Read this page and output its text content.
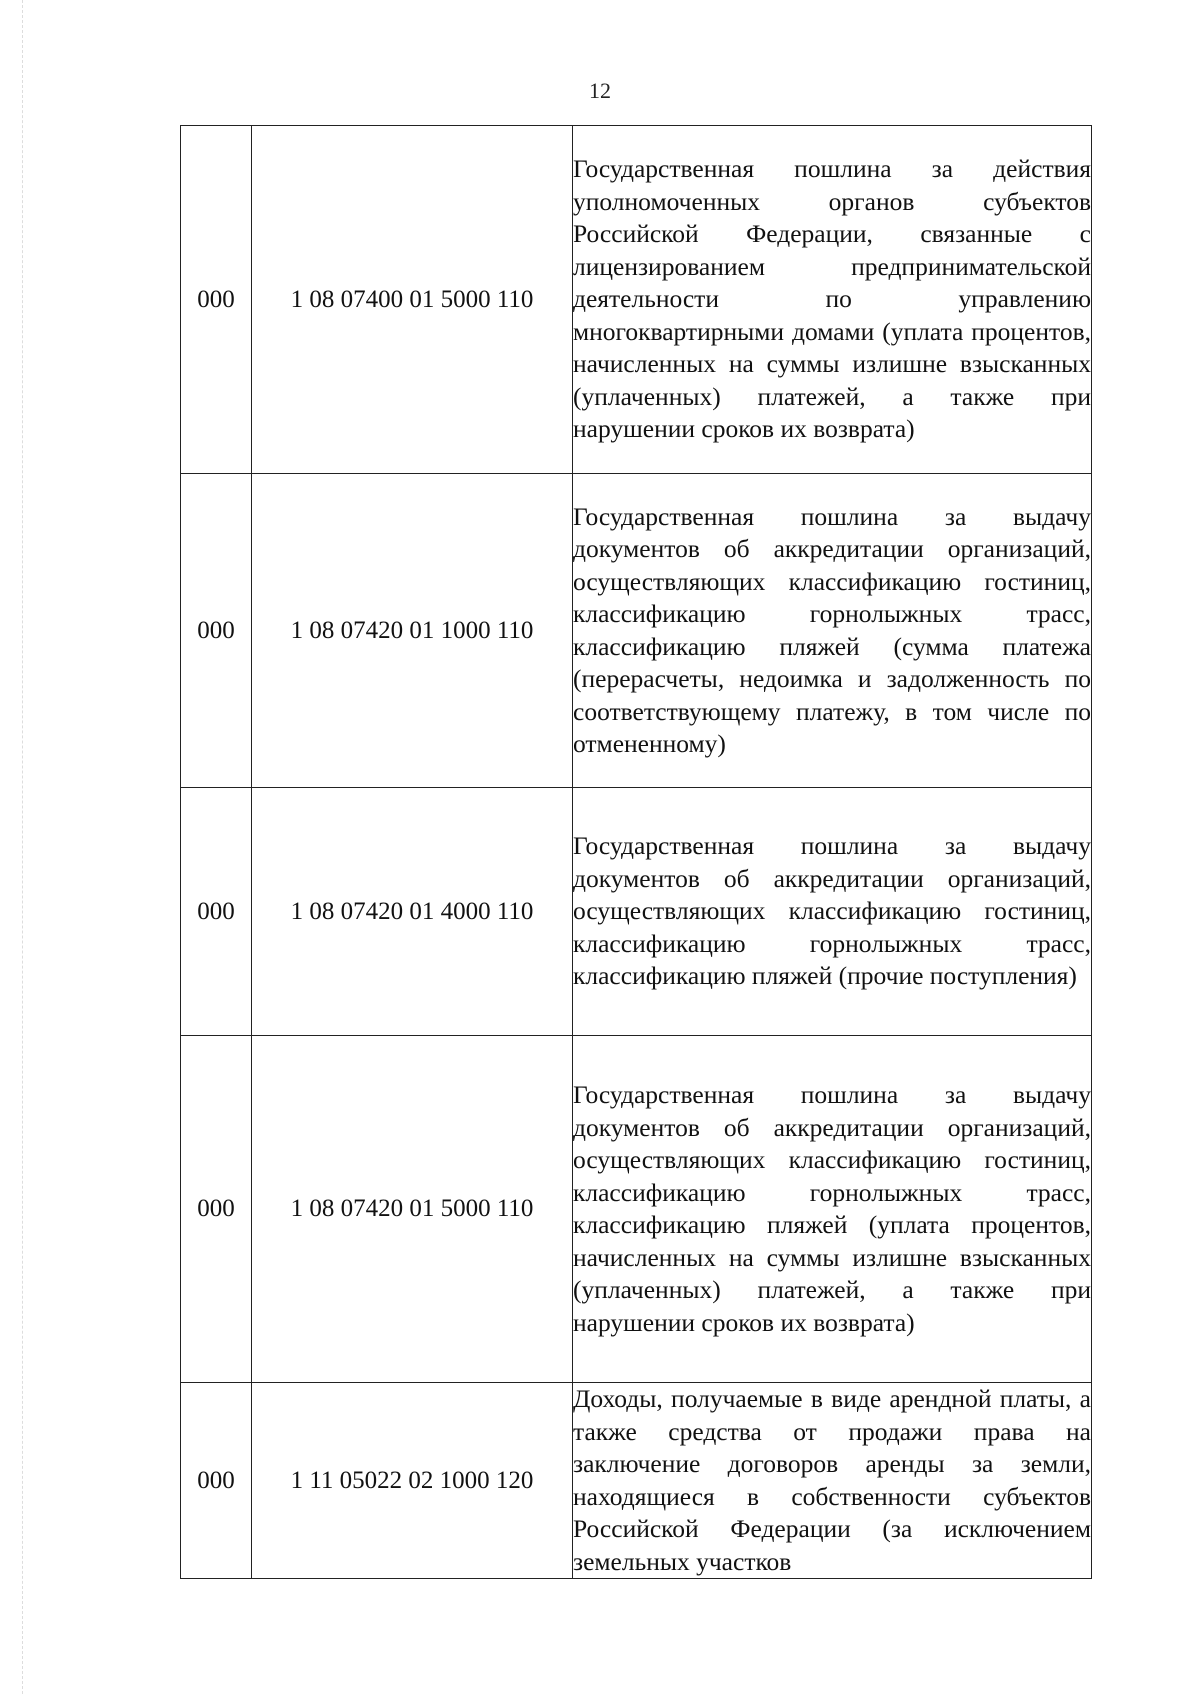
12
000	1 08 07400 01 5000 110	Государственная пошлина за действия уполномоченных органов субъектов Российской Федерации, связанные с лицензированием предпринимательской деятельности по управлению многоквартирными домами (уплата процентов, начисленных на суммы излишне взысканных (уплаченных) платежей, а также при нарушении сроков их возврата)

000	1 08 07420 01 1000 110	Государственная пошлина за выдачу документов об аккредитации организаций, осуществляющих классификацию гостиниц, классификацию горнолыжных трасс, классификацию пляжей (сумма платежа (перерасчеты, недоимка и задолженность по соответствующему платежу, в том числе по отмененному)

000	1 08 07420 01 4000 110	Государственная пошлина за выдачу документов об аккредитации организаций, осуществляющих классификацию гостиниц, классификацию горнолыжных трасс, классификацию пляжей (прочие поступления)

000	1 08 07420 01 5000 110	Государственная пошлина за выдачу документов об аккредитации организаций, осуществляющих классификацию гостиниц, классификацию горнолыжных трасс, классификацию пляжей (уплата процентов, начисленных на суммы излишне взысканных (уплаченных) платежей, а также при нарушении сроков их возврата)

000	1 11 05022 02 1000 120	Доходы, получаемые в виде арендной платы, а также средства от продажи права на заключение договоров аренды за земли, находящиеся в собственности субъектов Российской Федерации (за исключением земельных участков
